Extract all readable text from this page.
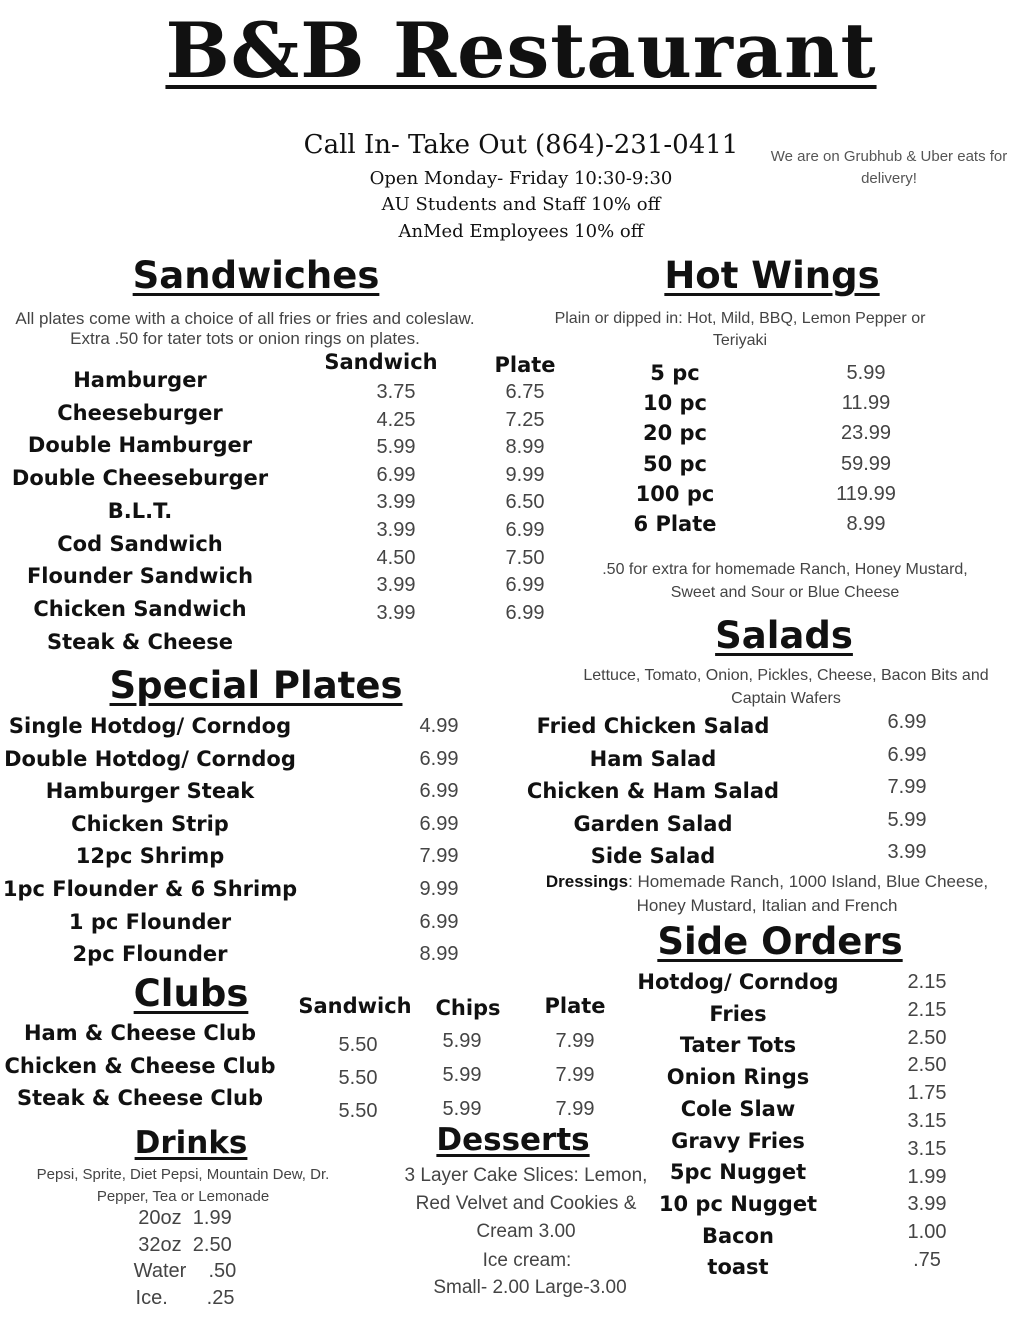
B&B Restaurant
Call In- Take Out (864)-231-0411
Open Monday- Friday 10:30-9:30
AU Students and Staff 10% off
AnMed Employees 10% off
We are on Grubhub & Uber eats for delivery!
Sandwiches
All plates come with a choice of all fries or fries and coleslaw. Extra .50 for tater tots or onion rings on plates.
Sandwich	Plate
Hot Wings
Plain or dipped in: Hot, Mild, BBQ, Lemon Pepper or Teriyaki
.50 for extra for homemade Ranch, Honey Mustard, Sweet and Sour or Blue Cheese
Salads
Lettuce, Tomato, Onion, Pickles, Cheese, Bacon Bits and Captain Wafers
Dressings: Homemade Ranch, 1000 Island, Blue Cheese, Honey Mustard, Italian and French
Special Plates
Side Orders
Clubs Sandwich Chips Plate
Drinks
Pepsi, Sprite, Diet Pepsi, Mountain Dew, Dr. Pepper, Tea or Lemonade
Desserts
3 Layer Cake Slices: Lemon, Red Velvet and Cookies & Cream 3.00
Ice cream:
Small- 2.00 Large-3.00
Hamburger
Cheeseburger
Double Hamburger
Double Cheeseburger
B.L.T.
Cod Sandwich
Flounder Sandwich
Chicken Sandwich
Steak & Cheese
3.75
4.25
5.99
6.99
3.99
3.99
4.50
3.99
3.99
6.75
7.25
8.99
9.99
6.50
6.99
7.50
6.99
6.99
5 pc
10 pc
20 pc
50 pc
100 pc
6 Plate
5.99
11.99
23.99
59.99
119.99
8.99
Single Hotdog/ Corndog
Double Hotdog/ Corndog
Hamburger Steak
Chicken Strip
12pc Shrimp
1pc Flounder & 6 Shrimp
1 pc Flounder
2pc Flounder
4.99
6.99
6.99
6.99
7.99
9.99
6.99
8.99
Fried Chicken Salad
Ham Salad
Chicken & Ham Salad
Garden Salad
Side Salad
6.99
6.99
7.99
5.99
3.99
Ham & Cheese Club
Chicken & Cheese Club
Steak & Cheese Club
5.50
5.50
5.50
5.99
5.99
5.99
7.99
7.99
7.99
Hotdog/ Corndog
Fries
Tater Tots
Onion Rings
Cole Slaw
Gravy Fries
5pc Nugget
10 pc Nugget
Bacon
toast
2.15
2.15
2.50
2.50
1.75
3.15
3.15
1.99
3.99
1.00
.75
20oz  1.99
32oz  2.50
Water    .50
Ice.       .25
